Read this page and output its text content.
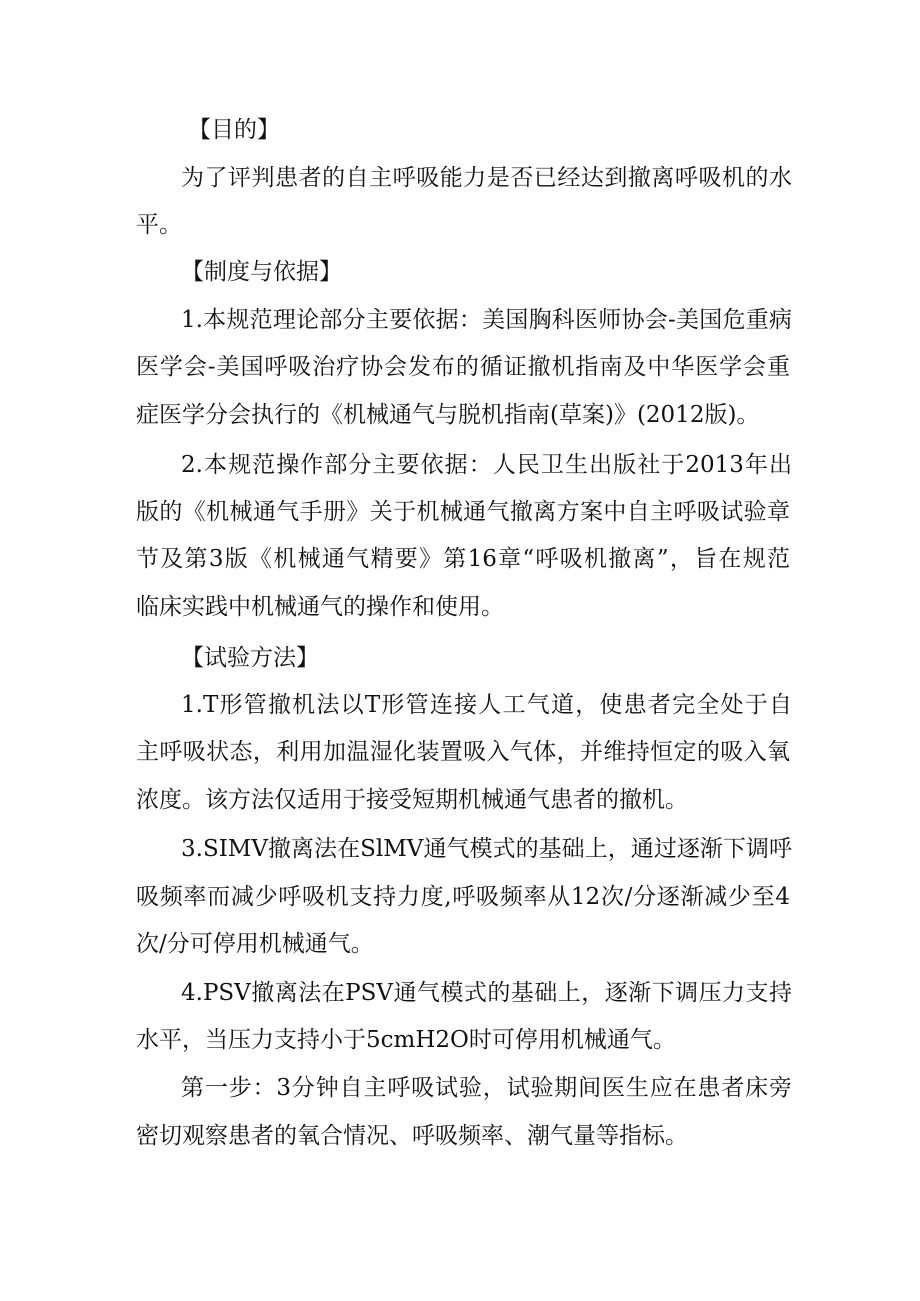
【目的】
为了评判患者的自主呼吸能力是否已经达到撤离呼吸机的水
平。
【制度与依据】
1.本规范理论部分主要依据：美国胸科医师协会-美国危重病
医学会-美国呼吸治疗协会发布的循证撤机指南及中华医学会重
症医学分会执行的《机械通气与脱机指南(草案)》(2012版)。
2.本规范操作部分主要依据：人民卫生出版社于2013年出
版的《机械通气手册》关于机械通气撤离方案中自主呼吸试验章
节及第3版《机械通气精要》第16章“呼吸机撤离”，旨在规范
临床实践中机械通气的操作和使用。
【试验方法】
1.T形管撤机法以T形管连接人工气道，使患者完全处于自
主呼吸状态，利用加温湿化装置吸入气体，并维持恒定的吸入氧
浓度。该方法仅适用于接受短期机械通气患者的撤机。
3.SIMV撤离法在SlMV通气模式的基础上，通过逐渐下调呼
吸频率而减少呼吸机支持力度,呼吸频率从12次/分逐渐减少至4
次/分可停用机械通气。
4.PSV撤离法在PSV通气模式的基础上，逐渐下调压力支持
水平，当压力支持小于5cmH2O时可停用机械通气。
第一步：3分钟自主呼吸试验，试验期间医生应在患者床旁
密切观察患者的氧合情况、呼吸频率、潮气量等指标。
